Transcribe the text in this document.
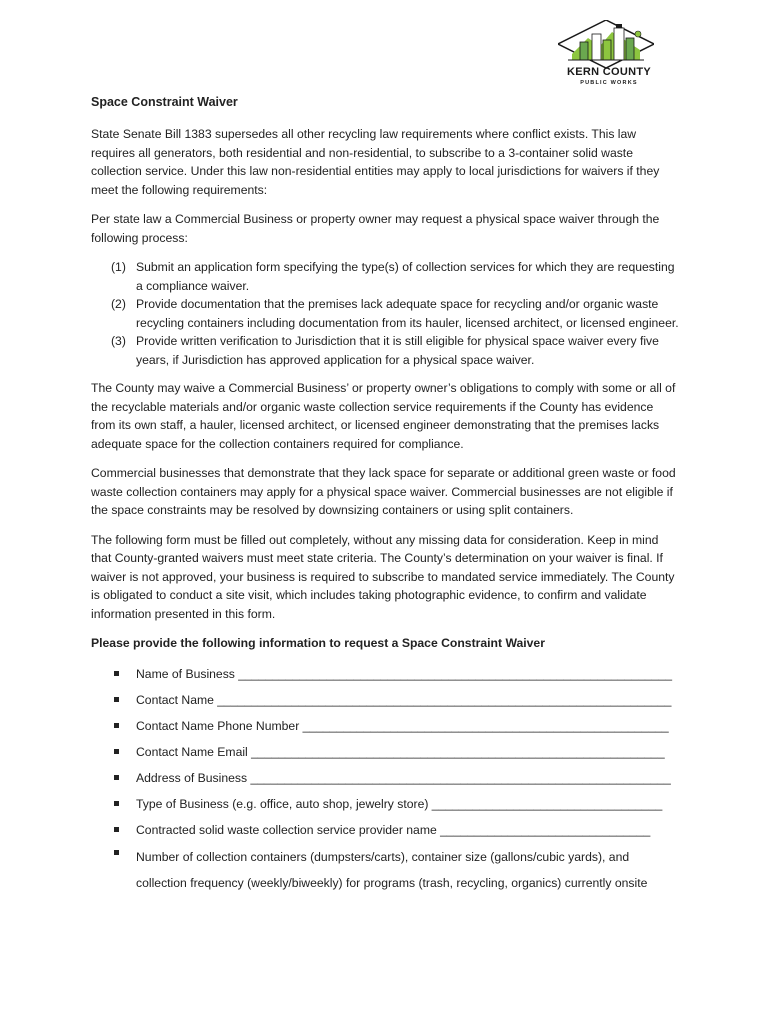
KERN COUNTY
PUBLIC WORKS
Space Constraint Waiver

State Senate Bill 1383 supersedes all other recycling law requirements where conflict exists. This law requires all generators, both residential and non-residential, to subscribe to a 3-container solid waste collection service. Under this law non-residential entities may apply to local jurisdictions for waivers if they meet the following requirements:

Per state law a Commercial Business or property owner may request a physical space waiver through the following process:

(1) Submit an application form specifying the type(s) of collection services for which they are requesting a compliance waiver.
(2) Provide documentation that the premises lack adequate space for recycling and/or organic waste recycling containers including documentation from its hauler, licensed architect, or licensed engineer.
(3) Provide written verification to Jurisdiction that it is still eligible for physical space waiver every five years, if Jurisdiction has approved application for a physical space waiver.

The County may waive a Commercial Business’ or property owner’s obligations to comply with some or all of the recyclable materials and/or organic waste collection service requirements if the County has evidence from its own staff, a hauler, licensed architect, or licensed engineer demonstrating that the premises lacks adequate space for the collection containers required for compliance.

Commercial businesses that demonstrate that they lack space for separate or additional green waste or food waste collection containers may apply for a physical space waiver. Commercial businesses are not eligible if the space constraints may be resolved by downsizing containers or using split containers.

The following form must be filled out completely, without any missing data for consideration. Keep in mind that County-granted waivers must meet state criteria. The County’s determination on your waiver is final. If waiver is not approved, your business is required to subscribe to mandated service immediately. The County is obligated to conduct a site visit, which includes taking photographic evidence, to confirm and validate information presented in this form.

Please provide the following information to request a Space Constraint Waiver
Name of Business ________________________________________________________________
Contact Name ___________________________________________________________________
Contact Name Phone Number ______________________________________________________
Contact Name Email _____________________________________________________________
Address of Business ______________________________________________________________
Type of Business (e.g. office, auto shop, jewelry store) __________________________________
Contracted solid waste collection service provider name _______________________________
Number of collection containers (dumpsters/carts), container size (gallons/cubic yards), and collection frequency (weekly/biweekly) for programs (trash, recycling, organics) currently onsite
